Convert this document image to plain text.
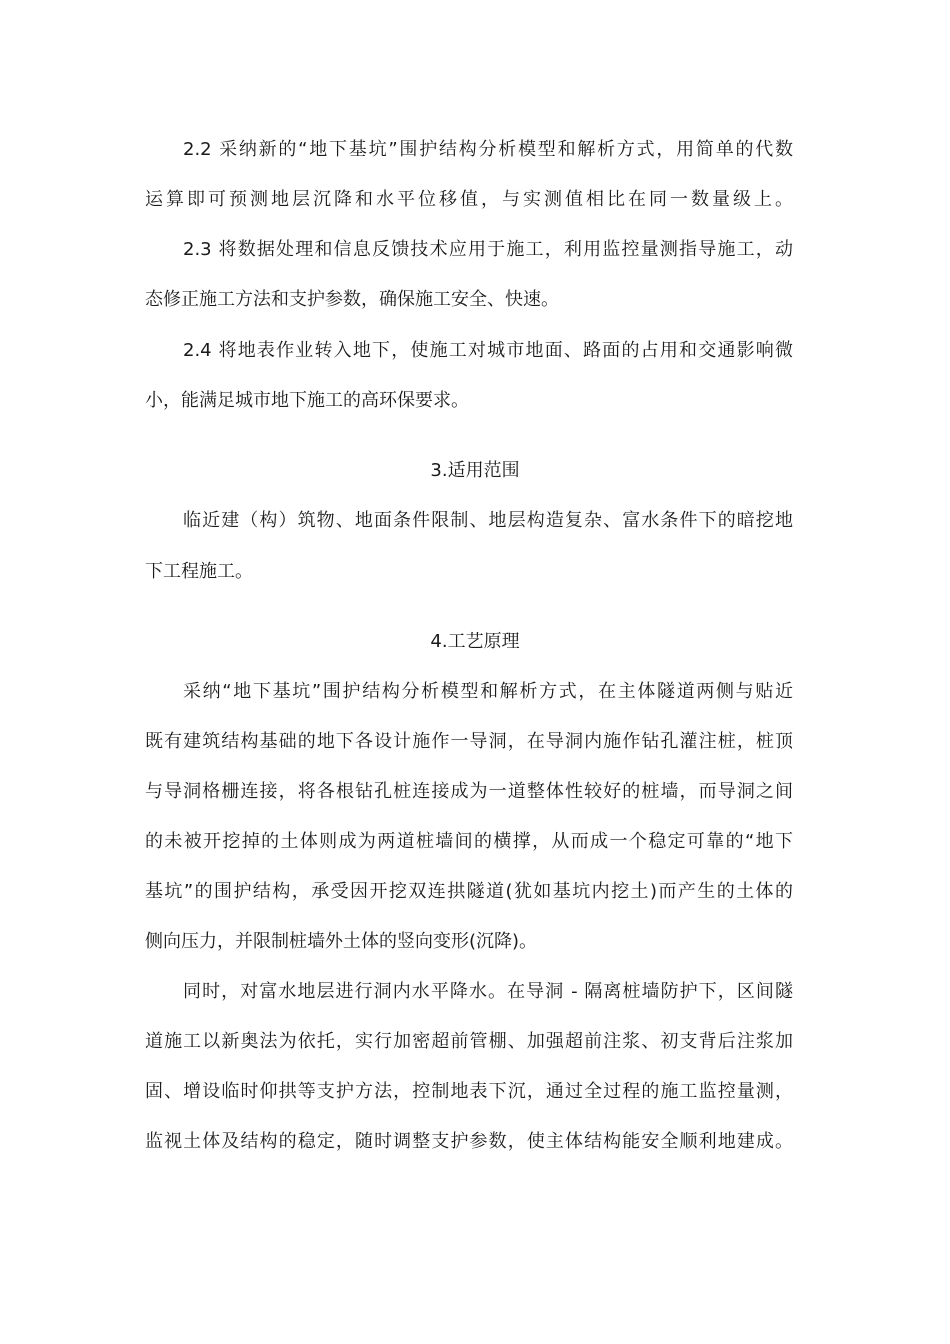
2.2 采纳新的“地下基坑”围护结构分析模型和解析方式，用简单的代数
运算即可预测地层沉降和水平位移值，与实测值相比在同一数量级上。
2.3 将数据处理和信息反馈技术应用于施工，利用监控量测指导施工，动
态修正施工方法和支护参数，确保施工安全、快速。
2.4 将地表作业转入地下，使施工对城市地面、路面的占用和交通影响微
小，能满足城市地下施工的高环保要求。
3.适用范围
临近建（构）筑物、地面条件限制、地层构造复杂、富水条件下的暗挖地
下工程施工。
4.工艺原理
采纳“地下基坑”围护结构分析模型和解析方式，在主体隧道两侧与贴近
既有建筑结构基础的地下各设计施作一导洞，在导洞内施作钻孔灌注桩，桩顶
与导洞格栅连接，将各根钻孔桩连接成为一道整体性较好的桩墙，而导洞之间
的未被开挖掉的土体则成为两道桩墙间的横撑，从而成一个稳定可靠的“地下
基坑”的围护结构，承受因开挖双连拱隧道(犹如基坑内挖土)而产生的土体的
侧向压力，并限制桩墙外土体的竖向变形(沉降)。
同时，对富水地层进行洞内水平降水。在导洞 - 隔离桩墙防护下，区间隧
道施工以新奥法为依托，实行加密超前管棚、加强超前注浆、初支背后注浆加
固、增设临时仰拱等支护方法，控制地表下沉，通过全过程的施工监控量测，
监视土体及结构的稳定，随时调整支护参数，使主体结构能安全顺利地建成。
